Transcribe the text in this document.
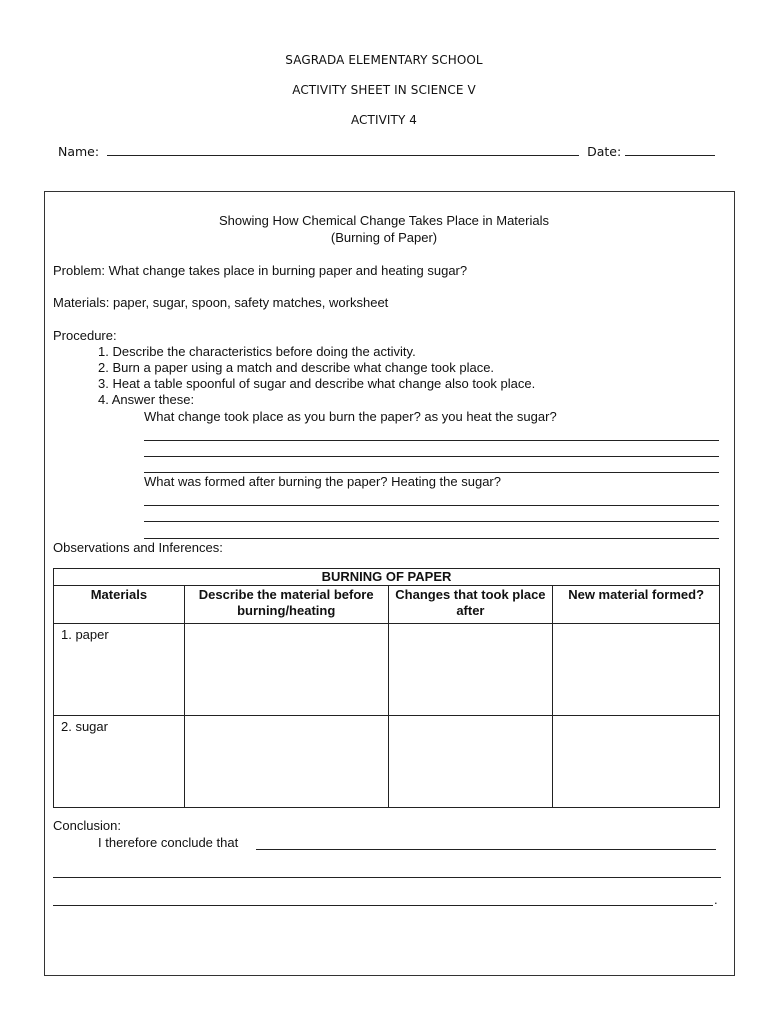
SAGRADA ELEMENTARY SCHOOL
ACTIVITY SHEET IN SCIENCE V
ACTIVITY 4
Name:	Date:
Showing How Chemical Change Takes Place in Materials
(Burning of Paper)
Problem: What change takes place in burning paper and heating sugar?
Materials: paper, sugar, spoon, safety matches, worksheet
Procedure:
1. Describe the characteristics before doing the activity.
2. Burn a paper using a match and describe what change took place.
3. Heat a table spoonful of sugar and describe what change also took place.
4. Answer these:
What change took place as you burn the paper? as you heat the sugar?
What was formed after burning the paper? Heating the sugar?
Observations and Inferences:
BURNING OF PAPER			
Materials	Describe the material before burning/heating	Changes that took place after	New material formed?
1. paper			
2. sugar			
Conclusion:
I therefore conclude that
.
